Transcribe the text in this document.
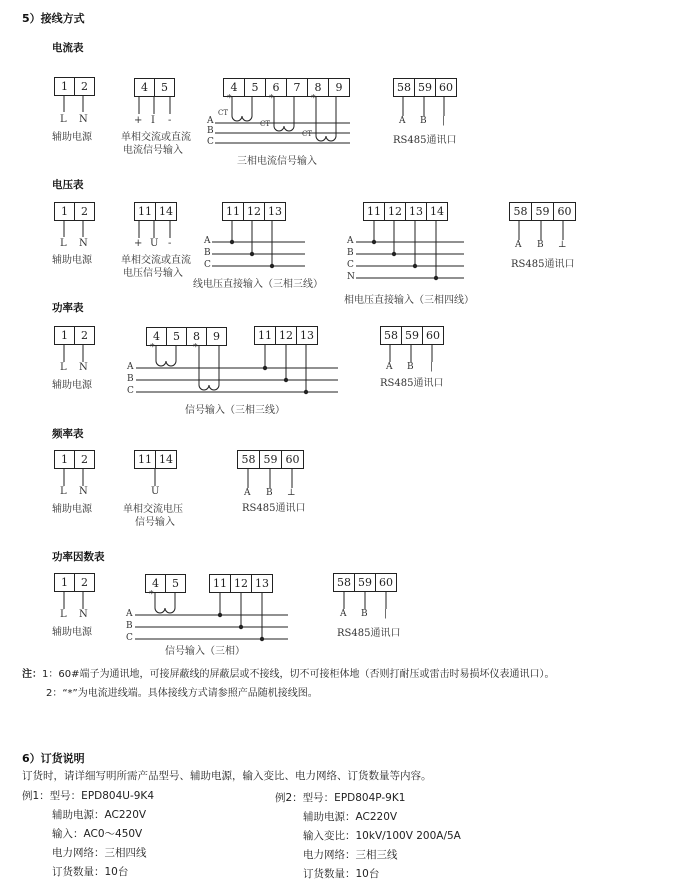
5）接线方式
电流表
1	2
L N
辅助电源
4	5
+ I -
单相交流或直流
电流信号输入
4	5	6	7	8	9
A
B
C
CT
CT
CT
*	*	*
三相电流信号输入
58 59 60
A B |
RS485通讯口
电压表
1	2
L N
辅助电源
11 14
+ U -
单相交流或直流
电压信号输入
11 12 13
A
B
C
线电压直接输入（三相三线）
11 12 13 14
A
B
C
N
相电压直接输入（三相四线）
58 59 60
A B ⊥
RS485通讯口
功率表
1	2
L N
辅助电源
4	5	8	9
*	*
11 12 13
A
B
C
信号输入（三相三线）
58 59 60
A B |
RS485通讯口
频率表
1	2
L N
辅助电源
11 14
U
单相交流电压
信号输入
58 59 60
A B ⊥
RS485通讯口
功率因数表
1	2
L N
辅助电源
4	5
*
11 12 13
A
B
C
信号输入（三相）
58 59 60
A B |
RS485通讯口
注：1：60#端子为通讯地，可接屏蔽线的屏蔽层或不接线，切不可接柜体地（否则打耐压或雷击时易损坏仪表通讯口）。
2：“*”为电流进线端。具体接线方式请参照产品随机接线图。
6）订货说明
订货时，请详细写明所需产品型号、辅助电源，输入变比、电力网络、订货数量等内容。
例1：型号：EPD804U-9K4
辅助电源：AC220V
输入：AC0～450V
电力网络：三相四线
订货数量：10台
例2：型号：EPD804P-9K1
辅助电源：AC220V
输入变比：10kV/100V 200A/5A
电力网络：三相三线
订货数量：10台
